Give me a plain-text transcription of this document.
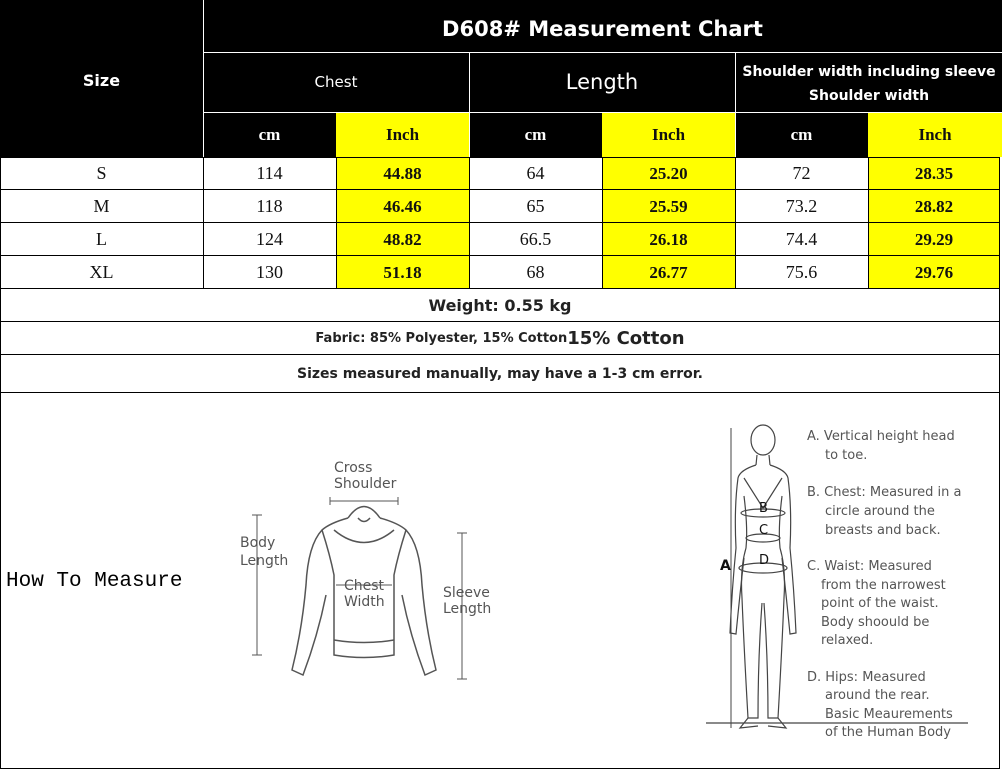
cm	Inch	cm	Inch	cm	Inch
Size
D608# Measurement Chart
Chest	Length	Shoulder width including sleeve
Shoulder width
S	114	44.88	64	25.20	72	28.35
M	118	46.46	65	25.59	73.2	28.82
L	124	48.82	66.5	26.18	74.4	29.29
XL	130	51.18	68	26.77	75.6	29.76
Weight: 0.55 kg
Fabric: 85% Polyester, 15% Cotton 15% Cotton
Sizes measured manually, may have a 1-3 cm error.
How To Measure
Cross
Shoulder
Body
Length
Chest
Width
Sleeve
Length
A
B
C
D
A. Vertical height head
to toe.
B. Chest: Measured in a
circle around the
breasts and back.
C. Waist: Measured
from the narrowest
point of the waist.
Body shoould be
relaxed.
D. Hips: Measured
around the rear.
Basic Meaurements
of the Human Body
